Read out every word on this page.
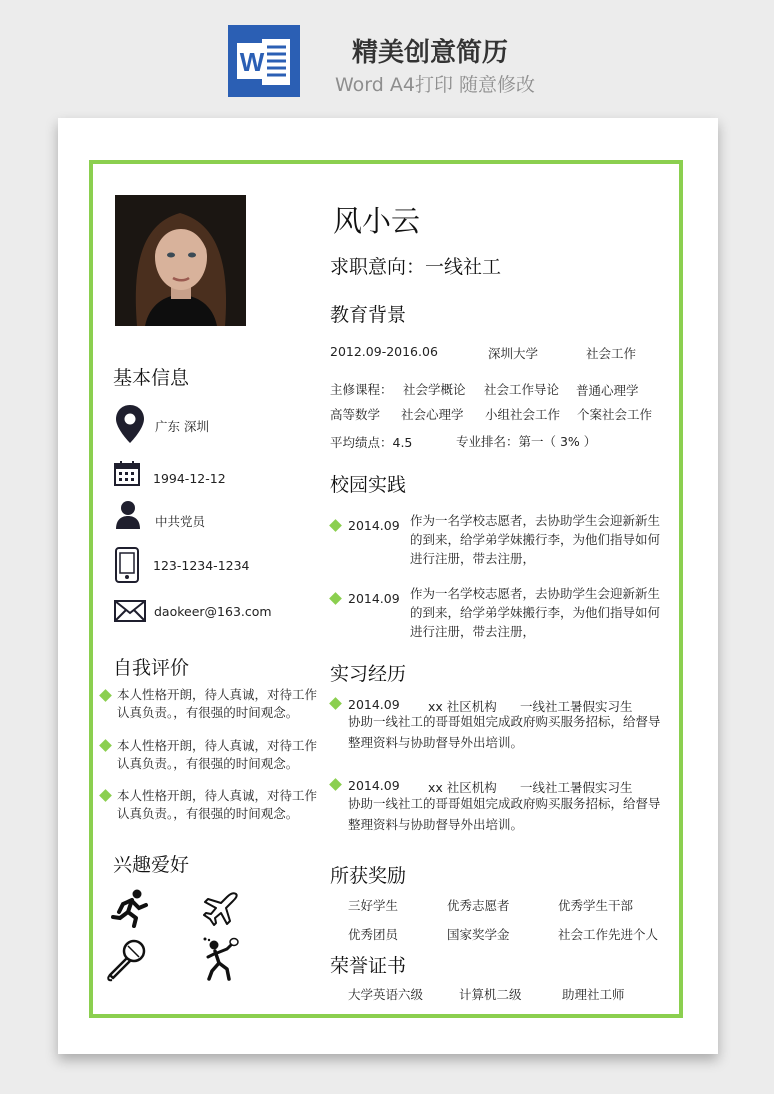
W	精美创意简历
Word A4打印 随意修改
基本信息
广东 深圳
1994-12-12
中共党员
123-1234-1234
daokeer@163.com
自我评价
本人性格开朗，待人真诚，对待工作
认真负责。，有很强的时间观念。
本人性格开朗，待人真诚，对待工作
认真负责。，有很强的时间观念。
本人性格开朗，待人真诚，对待工作
认真负责。，有很强的时间观念。
兴趣爱好
风小云
求职意向：一线社工
教育背景
2012.09-2016.06	深圳大学	社会工作
主修课程： 社会学概论 社会工作导论 普通心理学
高等数学 社会心理学 小组社会工作 个案社会工作
平均绩点：4.5	专业排名：第一（ 3% ）
校园实践
2014.09 作为一名学校志愿者，去协助学生会迎新新生
的到来，给学弟学妹搬行李，为他们指导如何
进行注册，带去注册，
2014.09 作为一名学校志愿者，去协助学生会迎新新生
的到来，给学弟学妹搬行李，为他们指导如何
进行注册，带去注册，
实习经历
2014.09 xx 社区机构 一线社工暑假实习生
协助一线社工的哥哥姐姐完成政府购买服务招标，给督导
整理资料与协助督导外出培训。
2014.09 xx 社区机构 一线社工暑假实习生
协助一线社工的哥哥姐姐完成政府购买服务招标，给督导
整理资料与协助督导外出培训。
所获奖励
三好学生	优秀志愿者	优秀学生干部
优秀团员	国家奖学金	社会工作先进个人
荣誉证书
大学英语六级	计算机二级	助理社工师
